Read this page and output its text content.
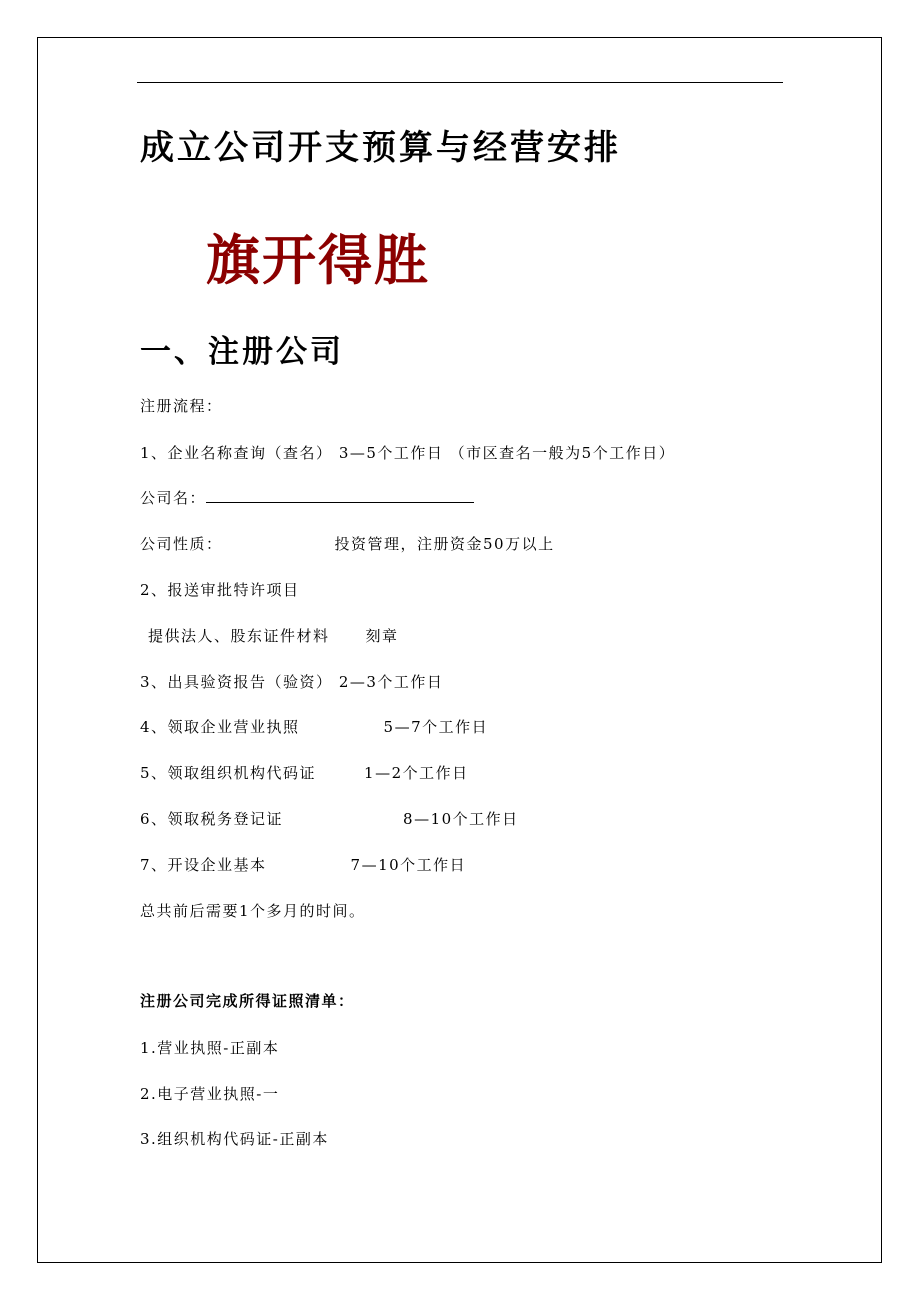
成立公司开支预算与经营安排
旗开得胜
一、注册公司
注册流程：
1、企业名称查询（查名） 3—5个工作日 （市区查名一般为5个工作日）
公司名：
公司性质：	投资管理，注册资金50万以上
2、报送审批特许项目
提供法人、股东证件材料 刻章
3、出具验资报告（验资） 2—3个工作日
4、领取企业营业执照	5—7个工作日
5、领取组织机构代码证	1—2个工作日
6、领取税务登记证	8—10个工作日
7、开设企业基本	7—10个工作日
总共前后需要1个多月的时间。
注册公司完成所得证照清单：
1.营业执照-正副本
2.电子营业执照-一
3.组织机构代码证-正副本
